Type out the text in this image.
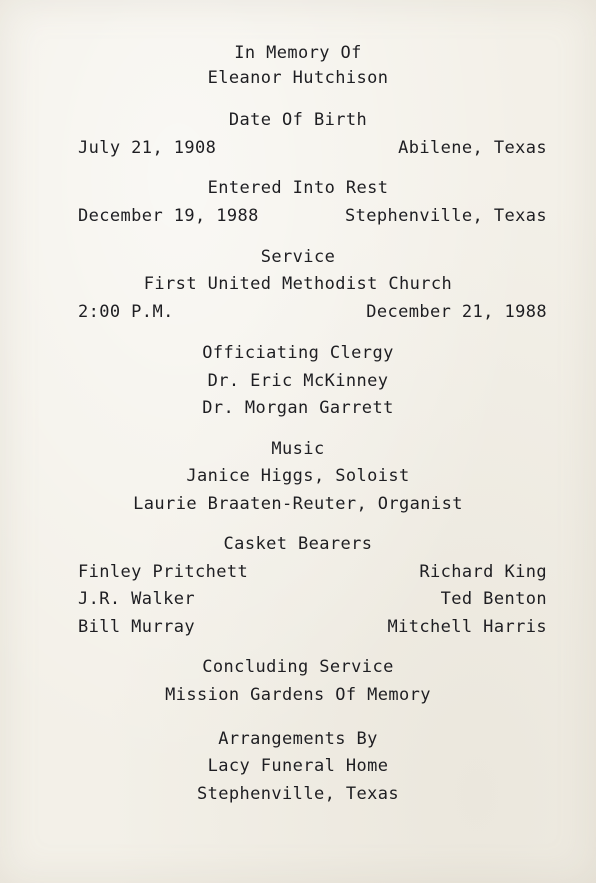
In Memory Of
Eleanor Hutchison
Date Of Birth
July 21, 1908	Abilene, Texas
Entered Into Rest
December 19, 1988	Stephenville, Texas
Service
First United Methodist Church
2:00 P.M.	December 21, 1988
Officiating Clergy
Dr. Eric McKinney
Dr. Morgan Garrett
Music
Janice Higgs, Soloist
Laurie Braaten-Reuter, Organist
Casket Bearers
Finley Pritchett	Richard King
J.R. Walker	Ted Benton
Bill Murray	Mitchell Harris
Concluding Service
Mission Gardens Of Memory
Arrangements By
Lacy Funeral Home
Stephenville, Texas
